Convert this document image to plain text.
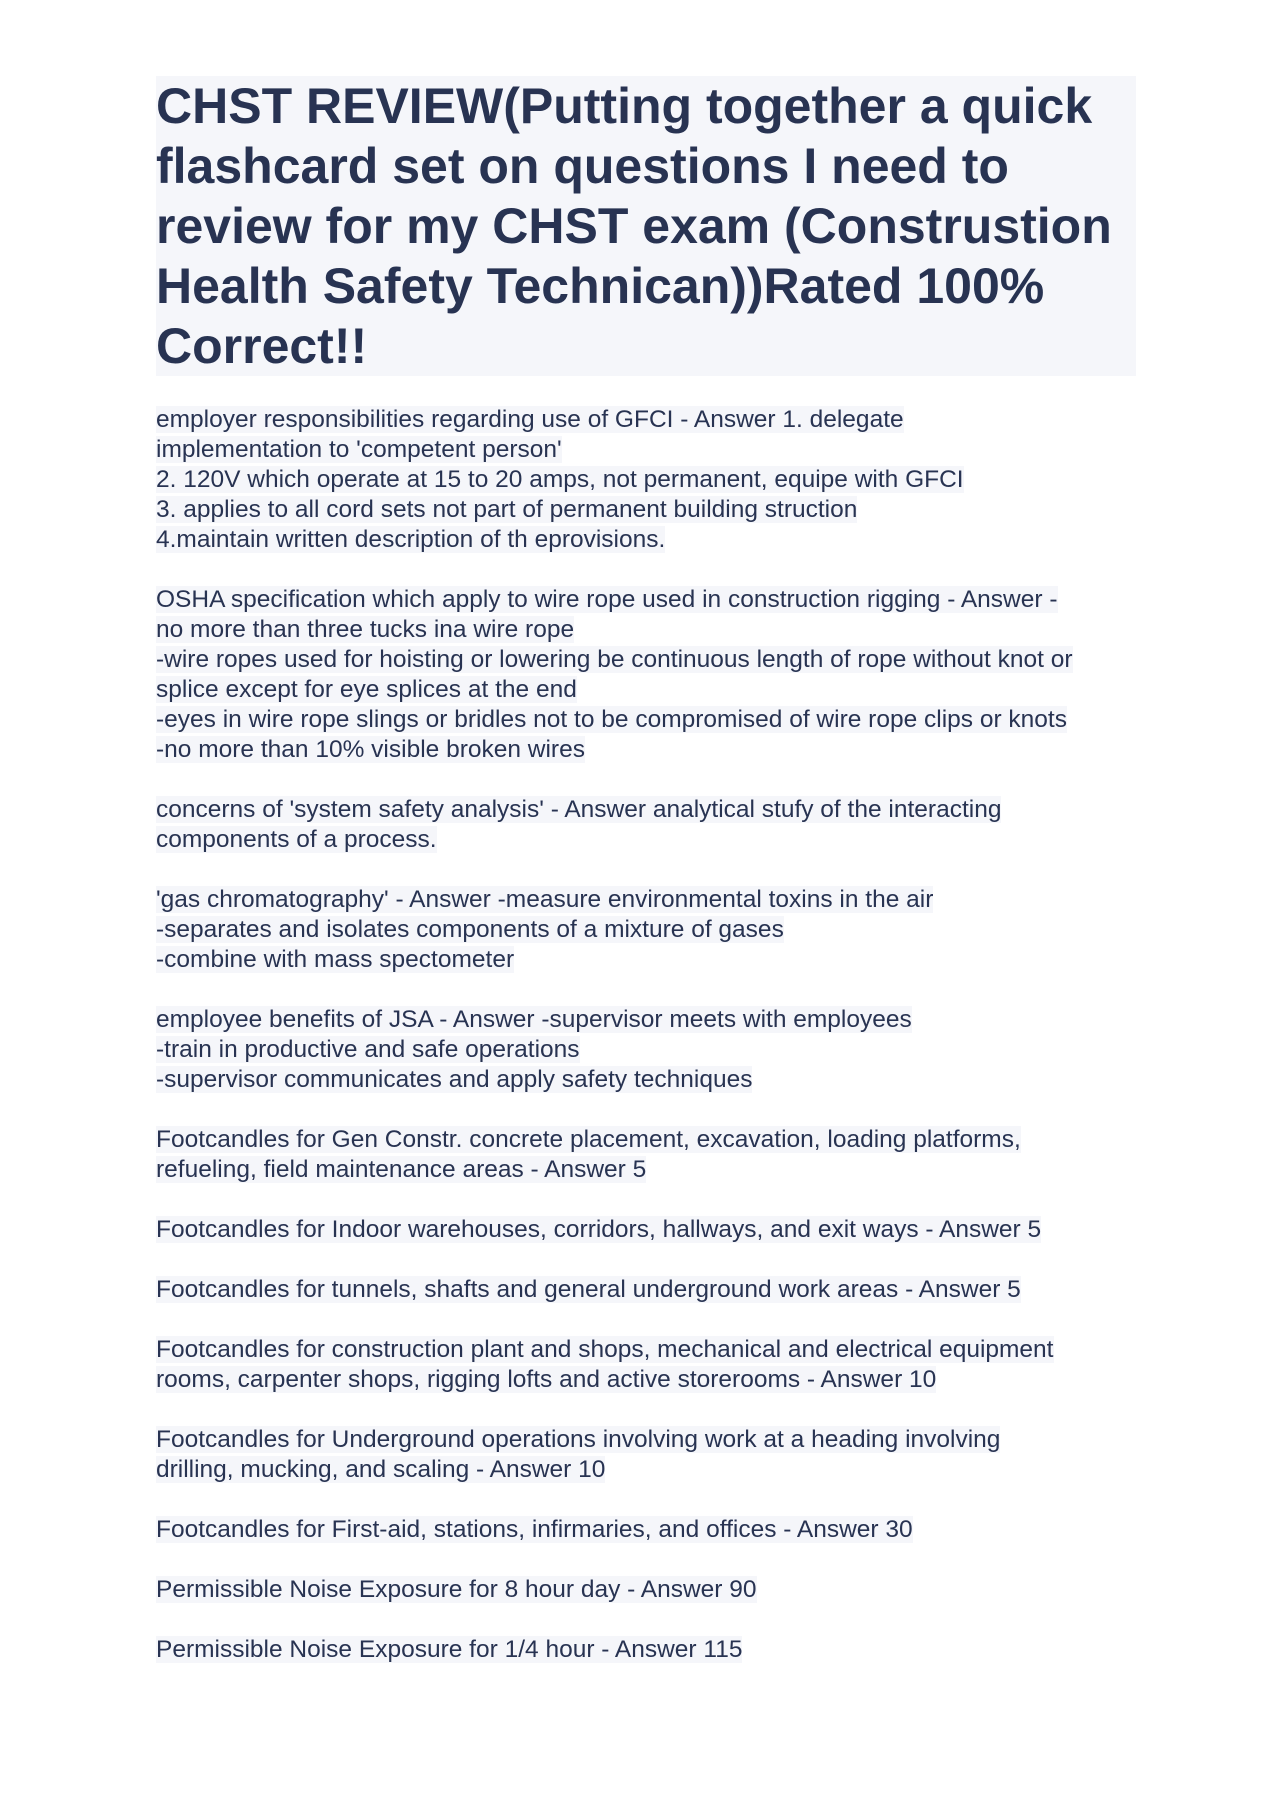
CHST REVIEW(Putting together a quick flashcard set on questions I need to review for my CHST exam (Construstion Health Safety Technican))Rated 100% Correct!!
employer responsibilities regarding use of GFCI - Answer 1. delegate
implementation to 'competent person'
2. 120V which operate at 15 to 20 amps, not permanent, equipe with GFCI
3. applies to all cord sets not part of permanent building struction
4.maintain written description of th eprovisions.
OSHA specification which apply to wire rope used in construction rigging - Answer -
no more than three tucks ina wire rope
-wire ropes used for hoisting or lowering be continuous length of rope without knot or
splice except for eye splices at the end
-eyes in wire rope slings or bridles not to be compromised of wire rope clips or knots
-no more than 10% visible broken wires
concerns of 'system safety analysis' - Answer analytical stufy of the interacting
components of a process.
'gas chromatography' - Answer -measure environmental toxins in the air
-separates and isolates components of a mixture of gases
-combine with mass spectometer
employee benefits of JSA - Answer -supervisor meets with employees
-train in productive and safe operations
-supervisor communicates and apply safety techniques
Footcandles for Gen Constr. concrete placement, excavation, loading platforms,
refueling, field maintenance areas - Answer 5
Footcandles for Indoor warehouses, corridors, hallways, and exit ways - Answer 5
Footcandles for tunnels, shafts and general underground work areas - Answer 5
Footcandles for construction plant and shops, mechanical and electrical equipment
rooms, carpenter shops, rigging lofts and active storerooms - Answer 10
Footcandles for Underground operations involving work at a heading involving
drilling, mucking, and scaling - Answer 10
Footcandles for First-aid, stations, infirmaries, and offices - Answer 30
Permissible Noise Exposure for 8 hour day - Answer 90
Permissible Noise Exposure for 1/4 hour - Answer 115
